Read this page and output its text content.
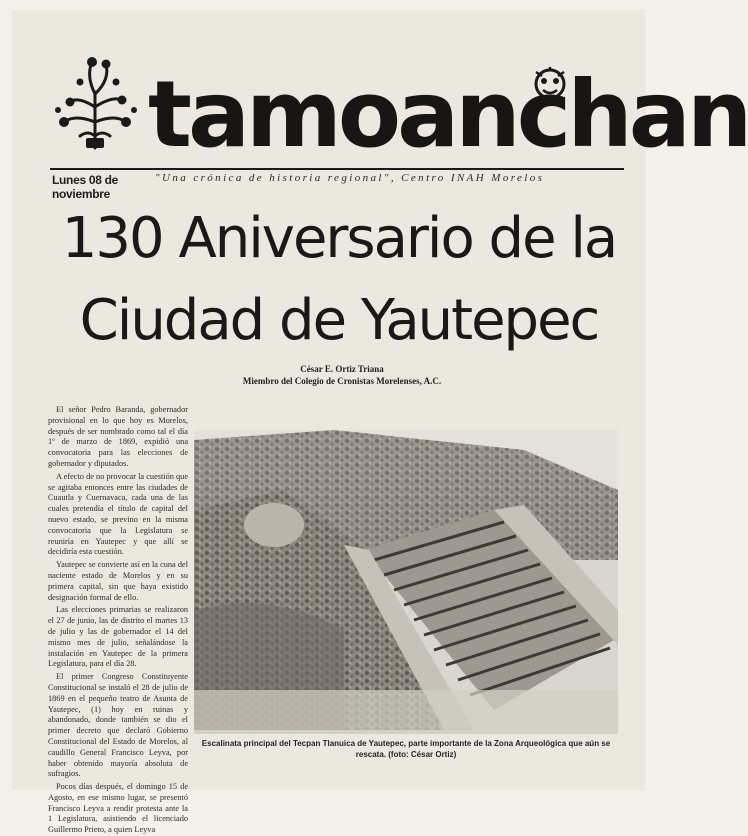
tamoanchan
Lunes 08 de noviembre
"Una crónica de historia regional", Centro INAH Morelos
130 Aniversario de la
Ciudad de Yautepec
César E. Ortiz Triana
Miembro del Colegio de Cronistas Morelenses, A.C.

El señor Pedro Baranda, gobernador provisional en lo que hoy es Morelos, después de ser nombrado como tal el día 1º de marzo de 1869, expidió una convocatoria para las elecciones de gobernador y diputados.

A efecto de no provocar la cuestión que se agitaba entonces entre las ciudades de Cuautla y Cuernavaca, cada una de las cuales pretendía el título de capital del nuevo estado, se previno en la misma convocatoria que la Legislatura se reuniría en Yautepec y que allí se decidiría esta cuestión.

Yautepec se convierte así en la cuna del naciente estado de Morelos y en su primera capital, sin que haya existido designación formal de ello.

Las elecciones primarias se realizaron el 27 de junio, las de distrito el martes 13 de julio y las de gobernador el 14 del mismo mes de julio, señalándose la instalación en Yautepec de la primera Legislatura, para el día 28.

El primer Congreso Constituyente Constitucional se instaló el 28 de julio de 1869 en el pequeño teatro de Asunta de Yautepec, (1) hoy en ruinas y abandonado, donde también se dio el primer decreto que declaró Gobierno Constitucional del Estado de Morelos, al caudillo General Francisco Leyva, por haber obtenido mayoría absoluta de sufragios.

Pocos días después, el domingo 15 de Agosto, en ese mismo lugar, se presentó Francisco Leyva a rendir protesta ante la 1 Legislatura, asistiendo el licenciado Guillermo Prieto, a quien Leyva

Escalinata principal del Tecpan Tlanuica de Yautepec, parte importante de la Zona Arqueológica que aún se rescata. (foto: César Ortiz)
